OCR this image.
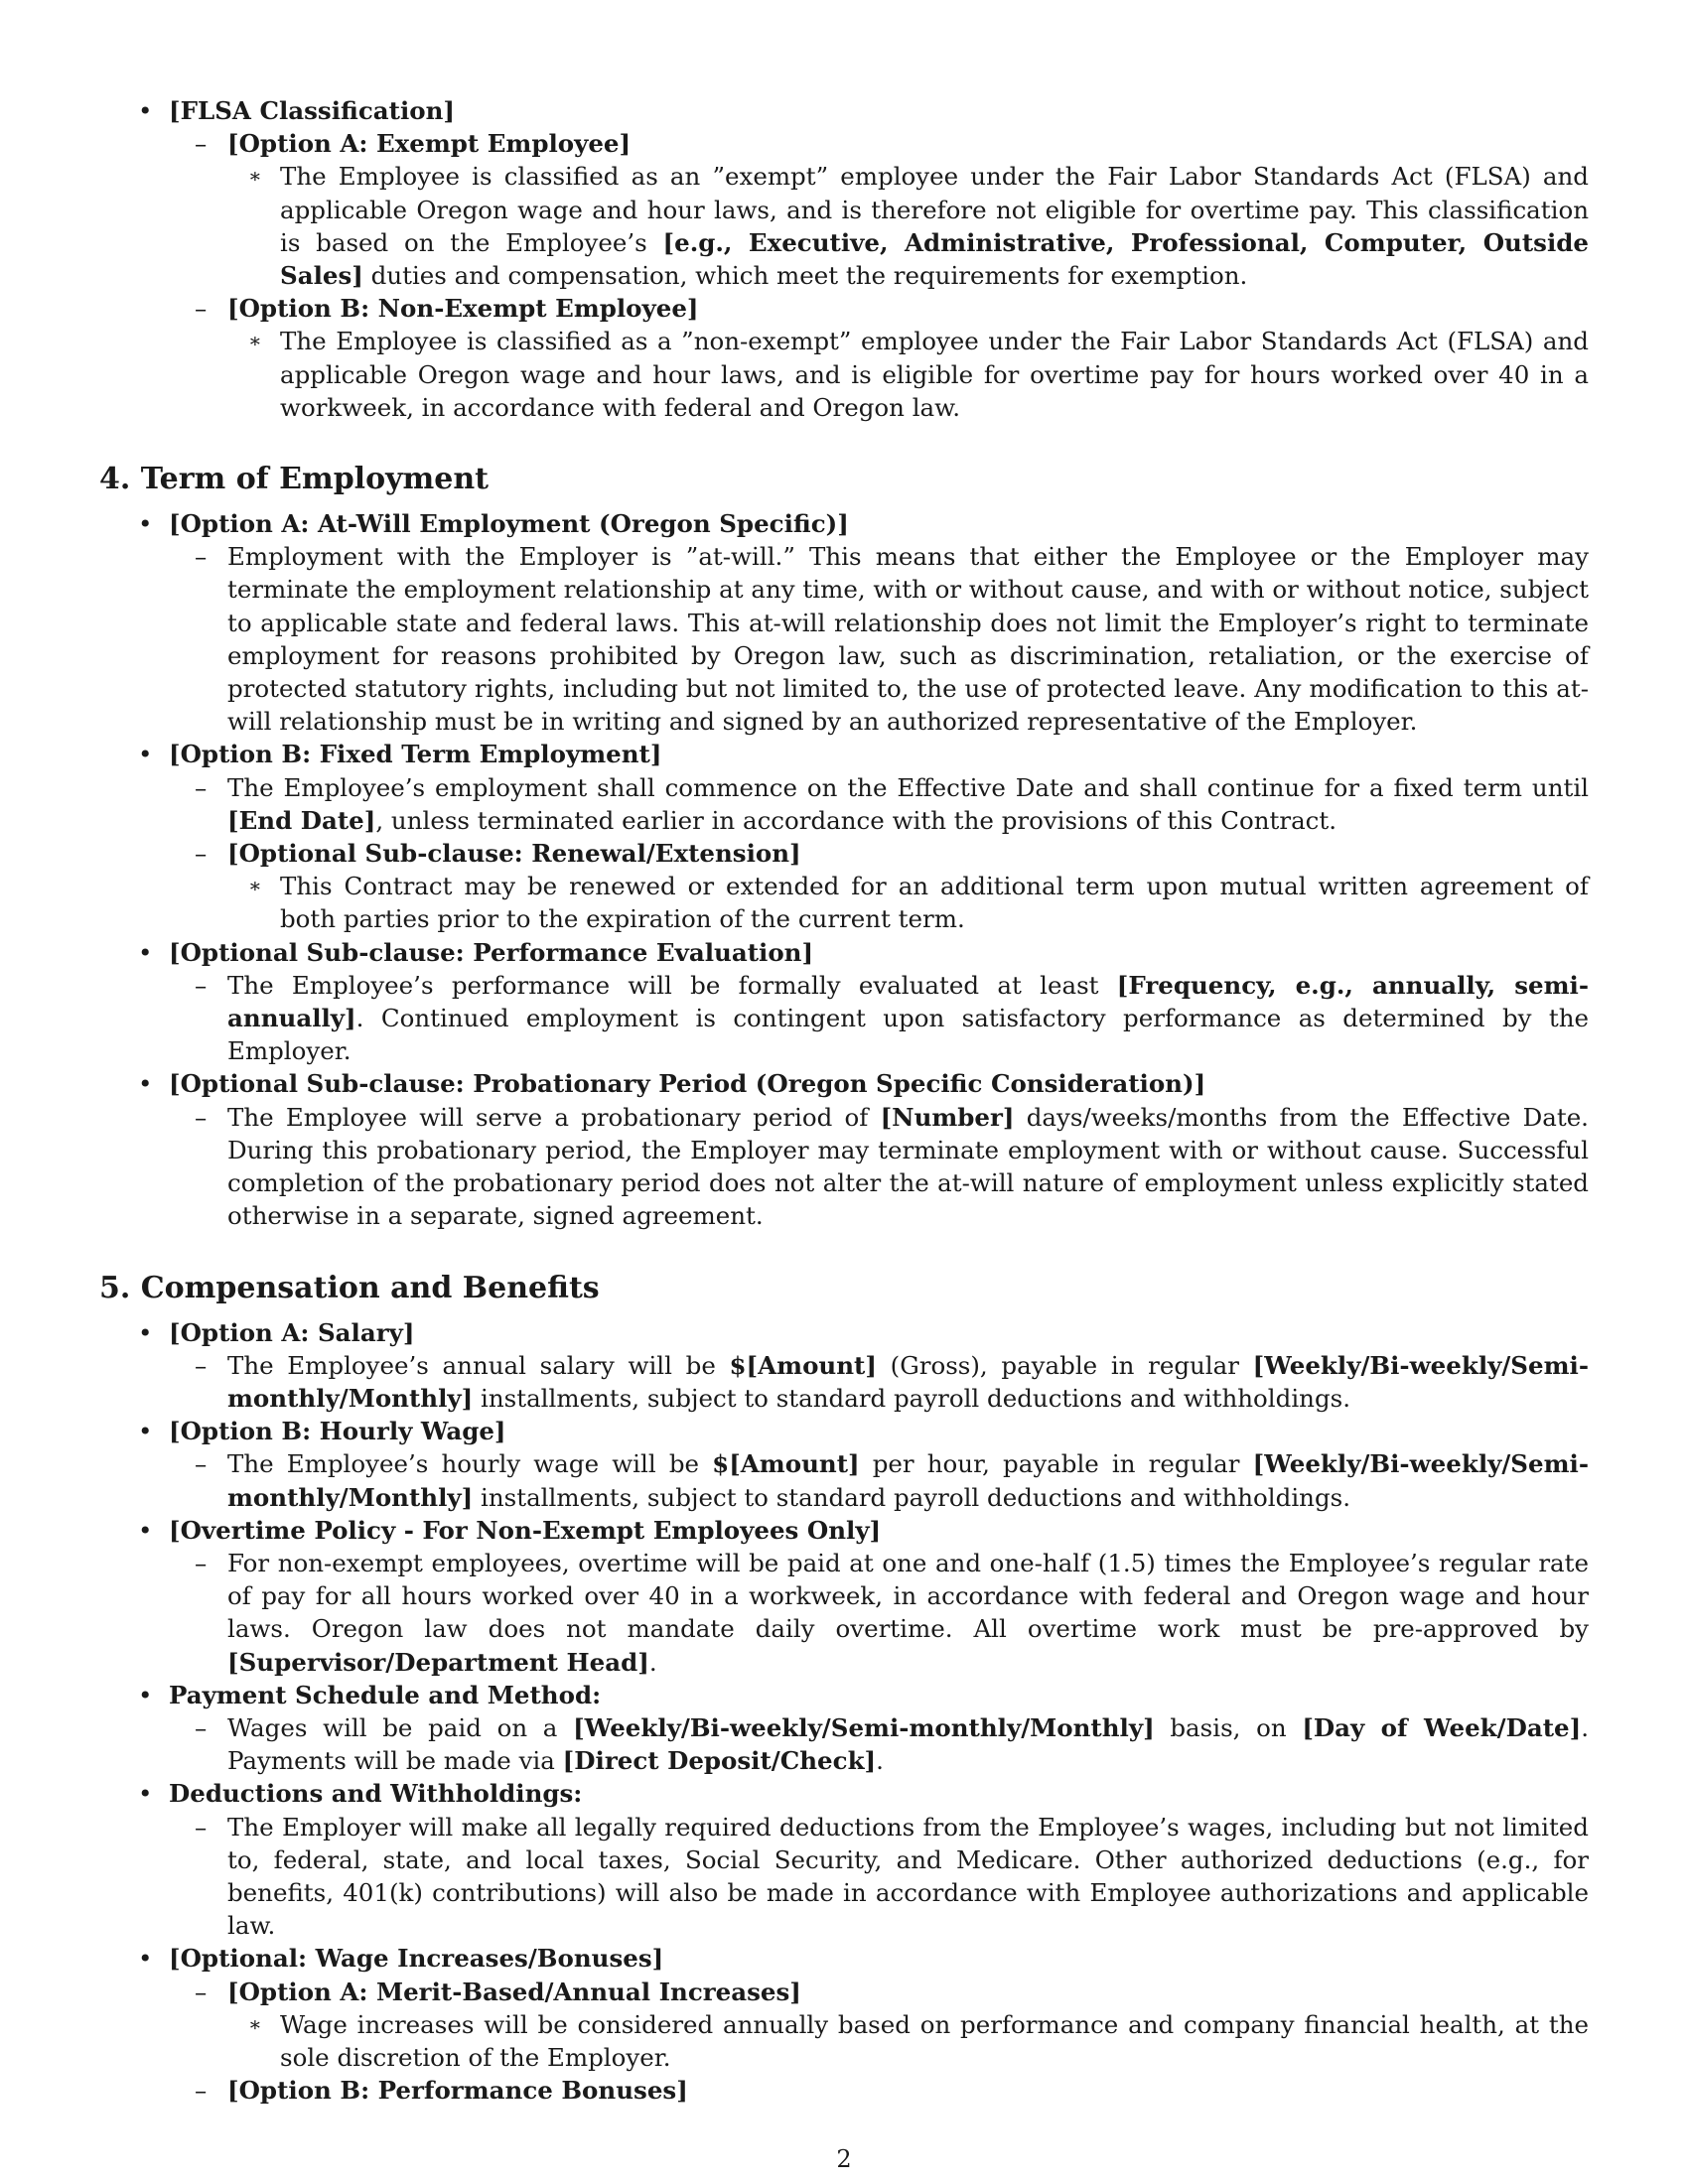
• [FLSA Classification]
– [Option A: Exempt Employee]
∗ The Employee is classified as an ”exempt” employee under the Fair Labor Standards Act (FLSA) and applicable Oregon wage and hour laws, and is therefore not eligible for overtime pay. This classification is based on the Employee’s [e.g., Executive, Administrative, Professional, Computer, Outside Sales] duties and compensation, which meet the requirements for exemption.
– [Option B: Non-Exempt Employee]
∗ The Employee is classified as a ”non-exempt” employee under the Fair Labor Standards Act (FLSA) and applicable Oregon wage and hour laws, and is eligible for overtime pay for hours worked over 40 in a workweek, in accordance with federal and Oregon law.
4. Term of Employment
• [Option A: At-Will Employment (Oregon Specific)]
– Employment with the Employer is ”at-will.” This means that either the Employee or the Employer may terminate the employment relationship at any time, with or without cause, and with or without notice, subject to applicable state and federal laws. This at-will relationship does not limit the Employer’s right to terminate employment for reasons prohibited by Oregon law, such as discrimination, retaliation, or the exercise of protected statutory rights, including but not limited to, the use of protected leave. Any modification to this at-will relationship must be in writing and signed by an authorized representative of the Employer.
• [Option B: Fixed Term Employment]
– The Employee’s employment shall commence on the Effective Date and shall continue for a fixed term until [End Date], unless terminated earlier in accordance with the provisions of this Contract.
– [Optional Sub-clause: Renewal/Extension]
∗ This Contract may be renewed or extended for an additional term upon mutual written agreement of both parties prior to the expiration of the current term.
• [Optional Sub-clause: Performance Evaluation]
– The Employee’s performance will be formally evaluated at least [Frequency, e.g., annually, semi-annually]. Continued employment is contingent upon satisfactory performance as determined by the Employer.
• [Optional Sub-clause: Probationary Period (Oregon Specific Consideration)]
– The Employee will serve a probationary period of [Number] days/weeks/months from the Effective Date. During this probationary period, the Employer may terminate employment with or without cause. Successful completion of the probationary period does not alter the at-will nature of employment unless explicitly stated otherwise in a separate, signed agreement.
5. Compensation and Benefits
• [Option A: Salary]
– The Employee’s annual salary will be $[Amount] (Gross), payable in regular [Weekly/Bi-weekly/Semi-monthly/Monthly] installments, subject to standard payroll deductions and withholdings.
• [Option B: Hourly Wage]
– The Employee’s hourly wage will be $[Amount] per hour, payable in regular [Weekly/Bi-weekly/Semi-monthly/Monthly] installments, subject to standard payroll deductions and withholdings.
• [Overtime Policy - For Non-Exempt Employees Only]
– For non-exempt employees, overtime will be paid at one and one-half (1.5) times the Employee’s regular rate of pay for all hours worked over 40 in a workweek, in accordance with federal and Oregon wage and hour laws. Oregon law does not mandate daily overtime. All overtime work must be pre-approved by [Supervisor/Department Head].
• Payment Schedule and Method:
– Wages will be paid on a [Weekly/Bi-weekly/Semi-monthly/Monthly] basis, on [Day of Week/Date]. Payments will be made via [Direct Deposit/Check].
• Deductions and Withholdings:
– The Employer will make all legally required deductions from the Employee’s wages, including but not limited to, federal, state, and local taxes, Social Security, and Medicare. Other authorized deductions (e.g., for benefits, 401(k) contributions) will also be made in accordance with Employee authorizations and applicable law.
• [Optional: Wage Increases/Bonuses]
– [Option A: Merit-Based/Annual Increases]
∗ Wage increases will be considered annually based on performance and company financial health, at the sole discretion of the Employer.
– [Option B: Performance Bonuses]
2
